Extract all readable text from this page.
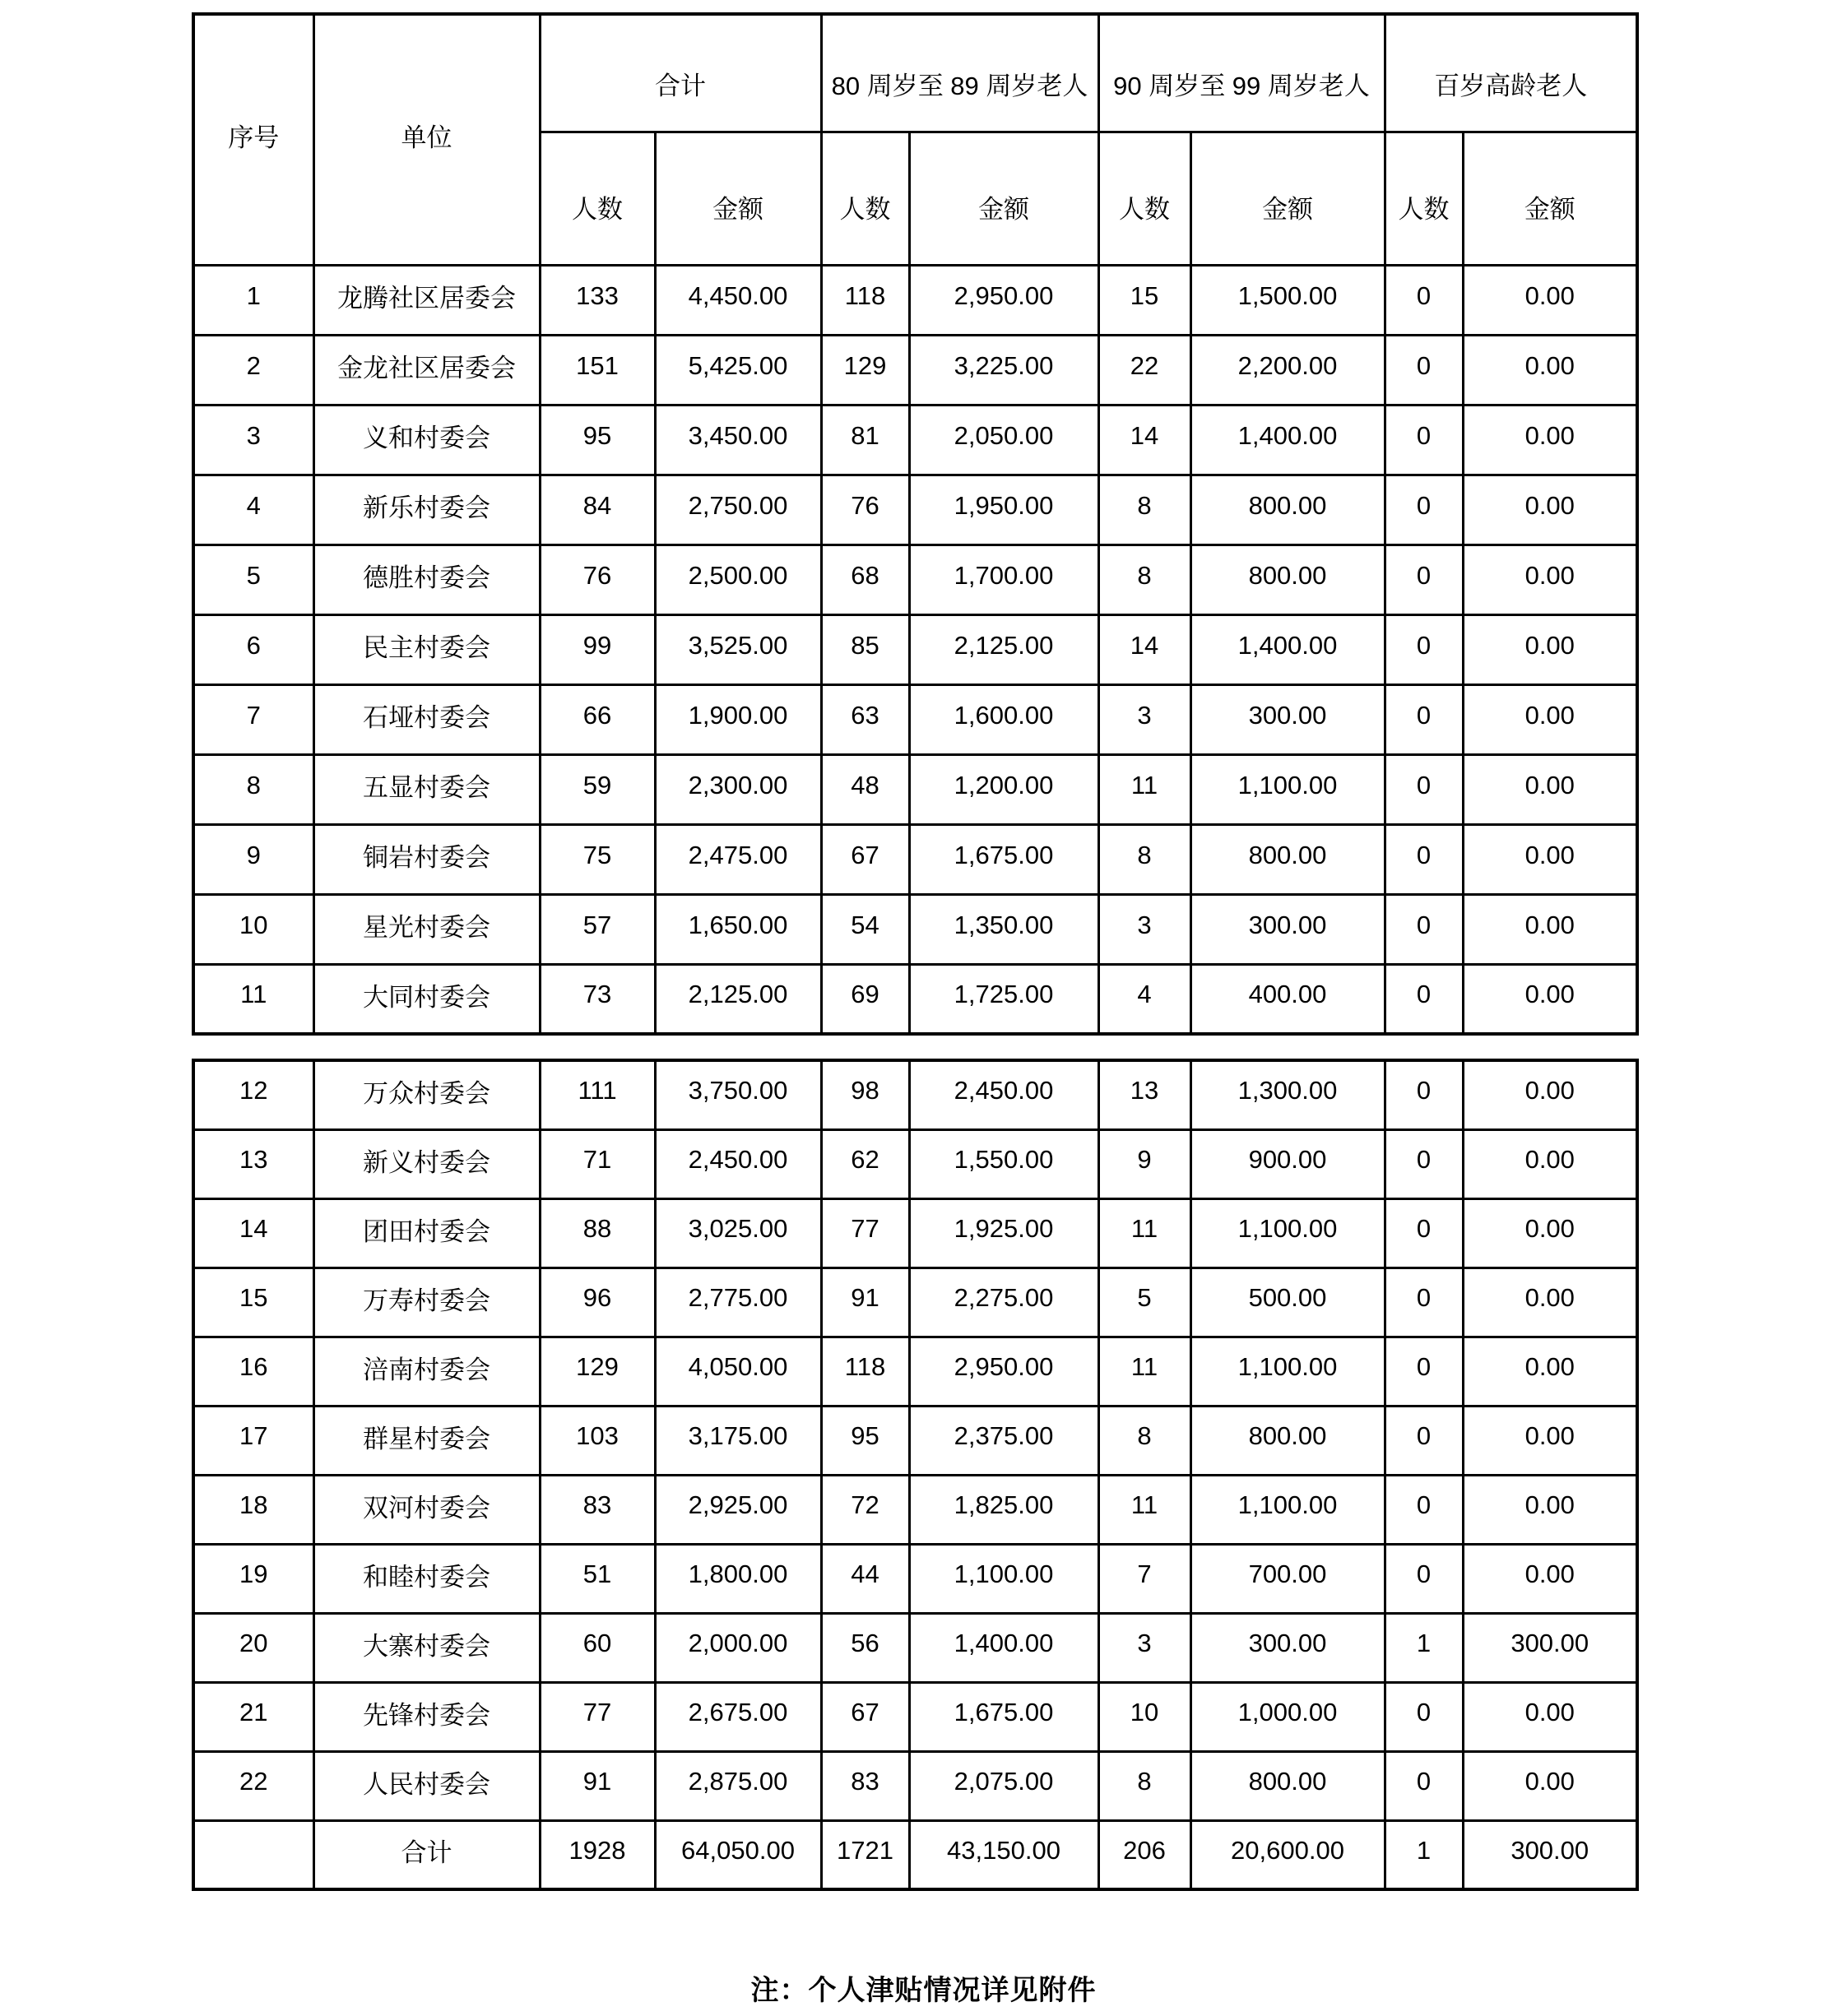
序号	单位	合计		80 周岁至 89 周岁老人		90 周岁至 99 周岁老人		百岁高龄老人	
		人数	金额	人数	金额	人数	金额	人数	金额
1	龙腾社区居委会	133	4,450.00	118	2,950.00	15	1,500.00	0	0.00
2	金龙社区居委会	151	5,425.00	129	3,225.00	22	2,200.00	0	0.00
3	义和村委会	95	3,450.00	81	2,050.00	14	1,400.00	0	0.00
4	新乐村委会	84	2,750.00	76	1,950.00	8	800.00	0	0.00
5	德胜村委会	76	2,500.00	68	1,700.00	8	800.00	0	0.00
6	民主村委会	99	3,525.00	85	2,125.00	14	1,400.00	0	0.00
7	石垭村委会	66	1,900.00	63	1,600.00	3	300.00	0	0.00
8	五显村委会	59	2,300.00	48	1,200.00	11	1,100.00	0	0.00
9	铜岩村委会	75	2,475.00	67	1,675.00	8	800.00	0	0.00
10	星光村委会	57	1,650.00	54	1,350.00	3	300.00	0	0.00
11	大同村委会	73	2,125.00	69	1,725.00	4	400.00	0	0.00
12	万众村委会	111	3,750.00	98	2,450.00	13	1,300.00	0	0.00
13	新义村委会	71	2,450.00	62	1,550.00	9	900.00	0	0.00
14	团田村委会	88	3,025.00	77	1,925.00	11	1,100.00	0	0.00
15	万寿村委会	96	2,775.00	91	2,275.00	5	500.00	0	0.00
16	涪南村委会	129	4,050.00	118	2,950.00	11	1,100.00	0	0.00
17	群星村委会	103	3,175.00	95	2,375.00	8	800.00	0	0.00
18	双河村委会	83	2,925.00	72	1,825.00	11	1,100.00	0	0.00
19	和睦村委会	51	1,800.00	44	1,100.00	7	700.00	0	0.00
20	大寨村委会	60	2,000.00	56	1,400.00	3	300.00	1	300.00
21	先锋村委会	77	2,675.00	67	1,675.00	10	1,000.00	0	0.00
22	人民村委会	91	2,875.00	83	2,075.00	8	800.00	0	0.00
	合计	1928	64,050.00	1721	43,150.00	206	20,600.00	1	300.00
注：个人津贴情况详见附件
